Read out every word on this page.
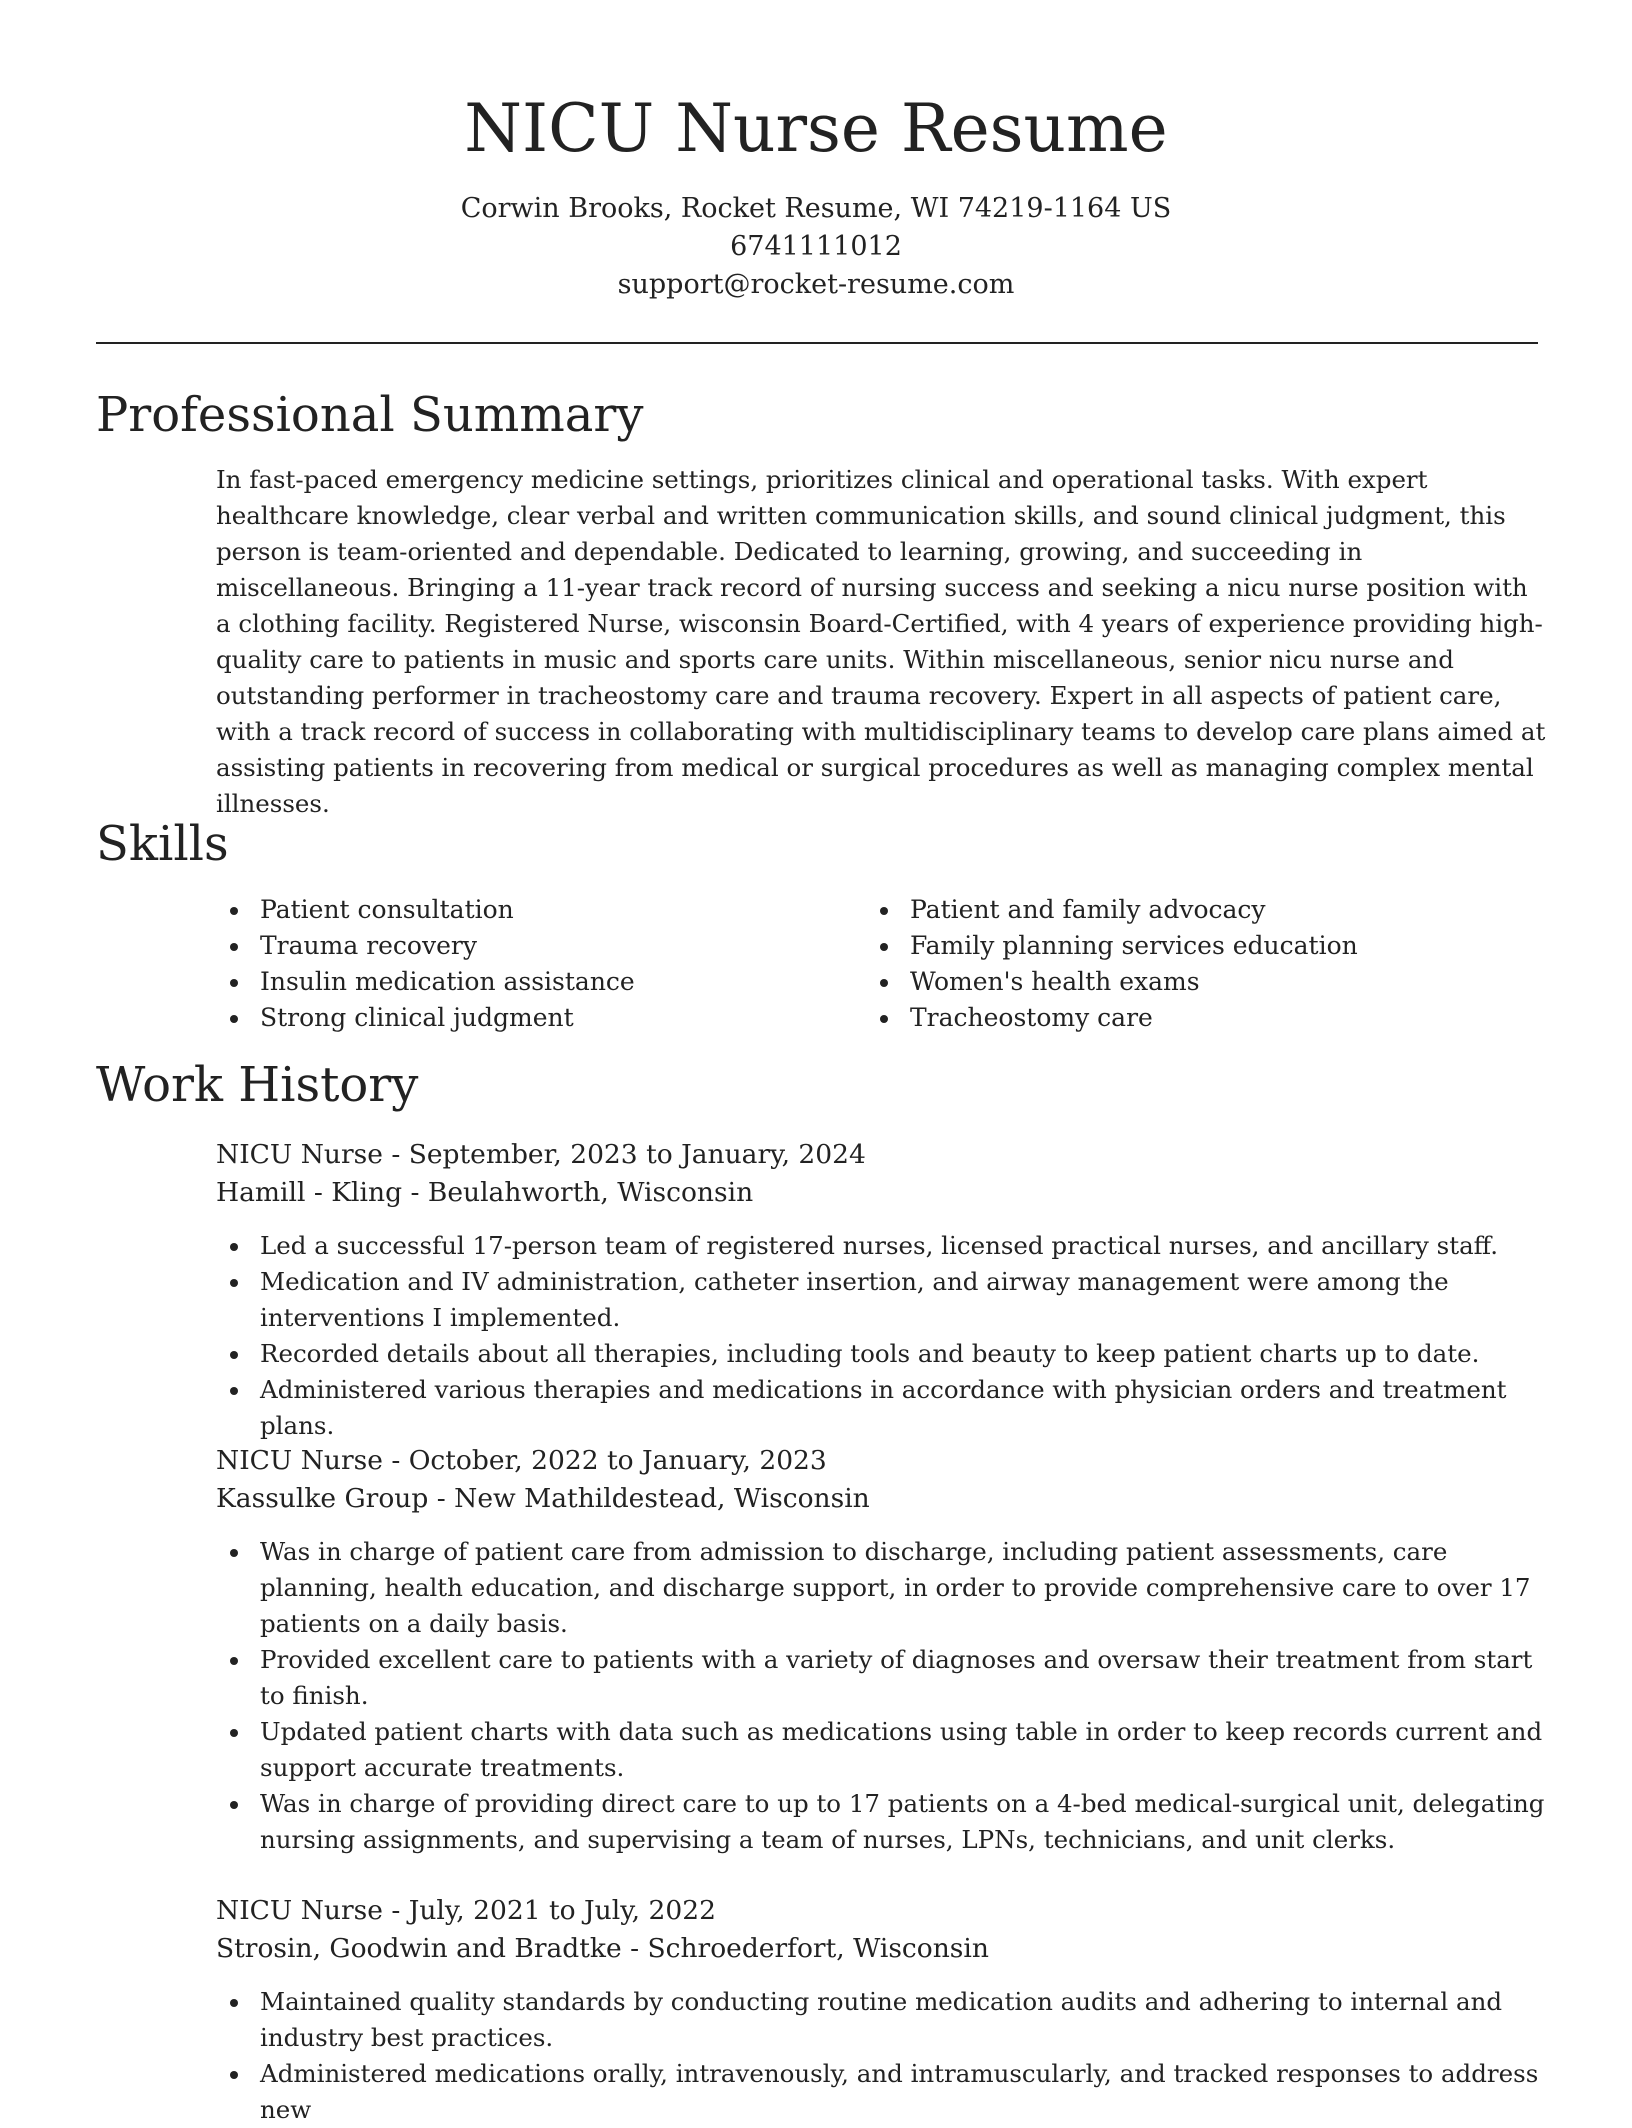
NICU Nurse Resume
Corwin Brooks, Rocket Resume, WI 74219-1164 US
6741111012
support@rocket-resume.com
Professional Summary

In fast-paced emergency medicine settings, prioritizes clinical and operational tasks. With expert healthcare knowledge, clear verbal and written communication skills, and sound clinical judgment, this person is team-oriented and dependable. Dedicated to learning, growing, and succeeding in miscellaneous. Bringing a 11-year track record of nursing success and seeking a nicu nurse position with a clothing facility. Registered Nurse, wisconsin Board-Certified, with 4 years of experience providing high-quality care to patients in music and sports care units. Within miscellaneous, senior nicu nurse and outstanding performer in tracheostomy care and trauma recovery. Expert in all aspects of patient care, with a track record of success in collaborating with multidisciplinary teams to develop care plans aimed at assisting patients in recovering from medical or surgical procedures as well as managing complex mental illnesses.

Skills
Patient consultation
Trauma recovery
Insulin medication assistance
Strong clinical judgment
Patient and family advocacy
Family planning services education
Women's health exams
Tracheostomy care
Work History
NICU Nurse - September, 2023 to January, 2024
Hamill - Kling - Beulahworth, Wisconsin
Led a successful 17-person team of registered nurses, licensed practical nurses, and ancillary staff.
Medication and IV administration, catheter insertion, and airway management were among the interventions I implemented.
Recorded details about all therapies, including tools and beauty to keep patient charts up to date.
Administered various therapies and medications in accordance with physician orders and treatment plans.
NICU Nurse - October, 2022 to January, 2023
Kassulke Group - New Mathildestead, Wisconsin
Was in charge of patient care from admission to discharge, including patient assessments, care planning, health education, and discharge support, in order to provide comprehensive care to over 17 patients on a daily basis.
Provided excellent care to patients with a variety of diagnoses and oversaw their treatment from start to finish.
Updated patient charts with data such as medications using table in order to keep records current and support accurate treatments.
Was in charge of providing direct care to up to 17 patients on a 4-bed medical-surgical unit, delegating nursing assignments, and supervising a team of nurses, LPNs, technicians, and unit clerks.
NICU Nurse - July, 2021 to July, 2022
Strosin, Goodwin and Bradtke - Schroederfort, Wisconsin
Maintained quality standards by conducting routine medication audits and adhering to internal and industry best practices.
Administered medications orally, intravenously, and intramuscularly, and tracked responses to address new
